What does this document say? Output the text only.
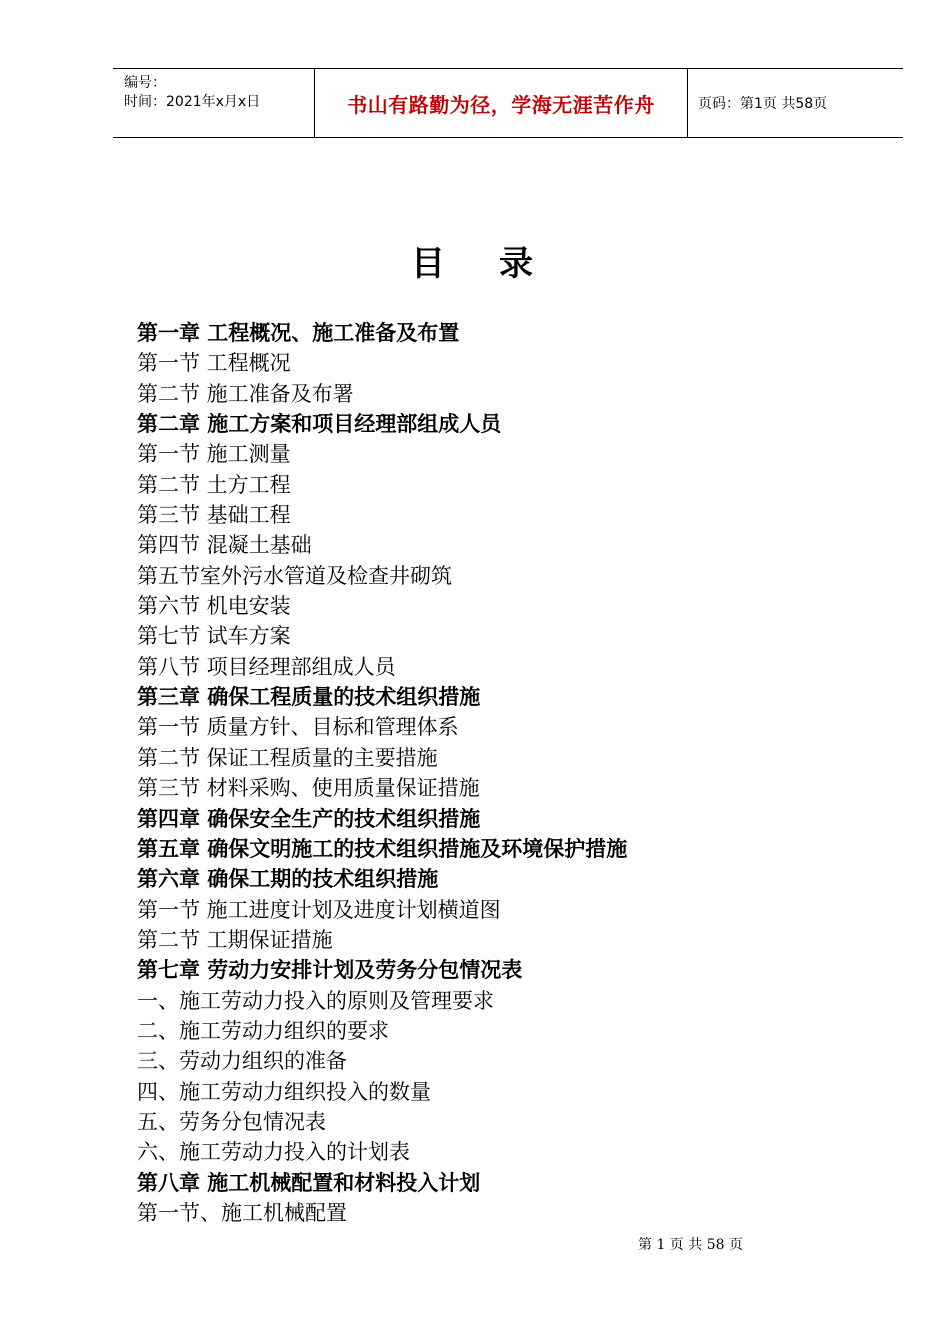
编号：
时间：2021年x月x日	书山有路勤为径，学海无涯苦作舟	页码：第1页 共58页
目录
第一章 工程概况、施工准备及布置
第一节 工程概况
第二节 施工准备及布署
第二章 施工方案和项目经理部组成人员
第一节 施工测量
第二节 土方工程
第三节 基础工程
第四节 混凝土基础
第五节室外污水管道及检查井砌筑
第六节 机电安装
第七节 试车方案
第八节 项目经理部组成人员
第三章 确保工程质量的技术组织措施
第一节 质量方针、目标和管理体系
第二节 保证工程质量的主要措施
第三节 材料采购、使用质量保证措施
第四章 确保安全生产的技术组织措施
第五章 确保文明施工的技术组织措施及环境保护措施
第六章 确保工期的技术组织措施
第一节 施工进度计划及进度计划横道图
第二节 工期保证措施
第七章 劳动力安排计划及劳务分包情况表
一、施工劳动力投入的原则及管理要求
二、施工劳动力组织的要求
三、劳动力组织的准备
四、施工劳动力组织投入的数量
五、劳务分包情况表
六、施工劳动力投入的计划表
第八章 施工机械配置和材料投入计划
第一节、施工机械配置
第 1 页 共 58 页
